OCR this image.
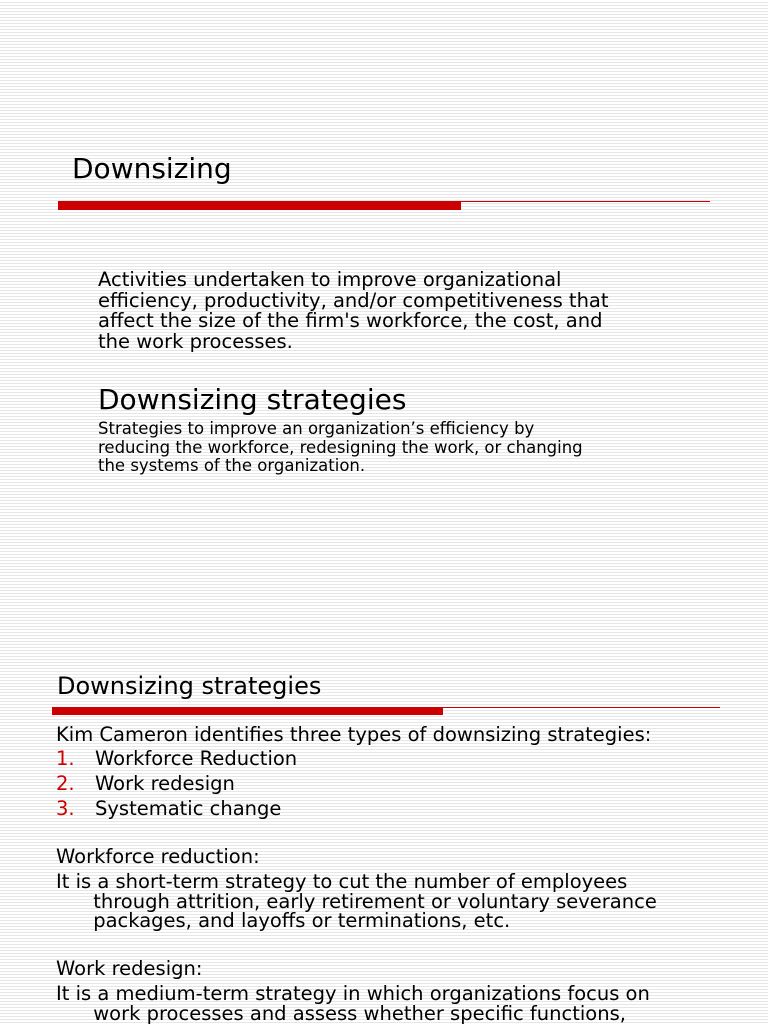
Downsizing
Activities undertaken to improve organizational
efficiency, productivity, and/or competitiveness that
affect the size of the firm's workforce, the cost, and
the work processes.
Downsizing strategies
Strategies to improve an organization’s efficiency by
reducing the workforce, redesigning the work, or changing
the systems of the organization.
Downsizing strategies
Kim Cameron identifies three types of downsizing strategies:
1. Workforce Reduction
2. Work redesign
3. Systematic change
Workforce reduction:
It is a short-term strategy to cut the number of employees
through attrition, early retirement or voluntary severance
packages, and layoffs or terminations, etc.
Work redesign:
It is a medium-term strategy in which organizations focus on
work processes and assess whether specific functions,
